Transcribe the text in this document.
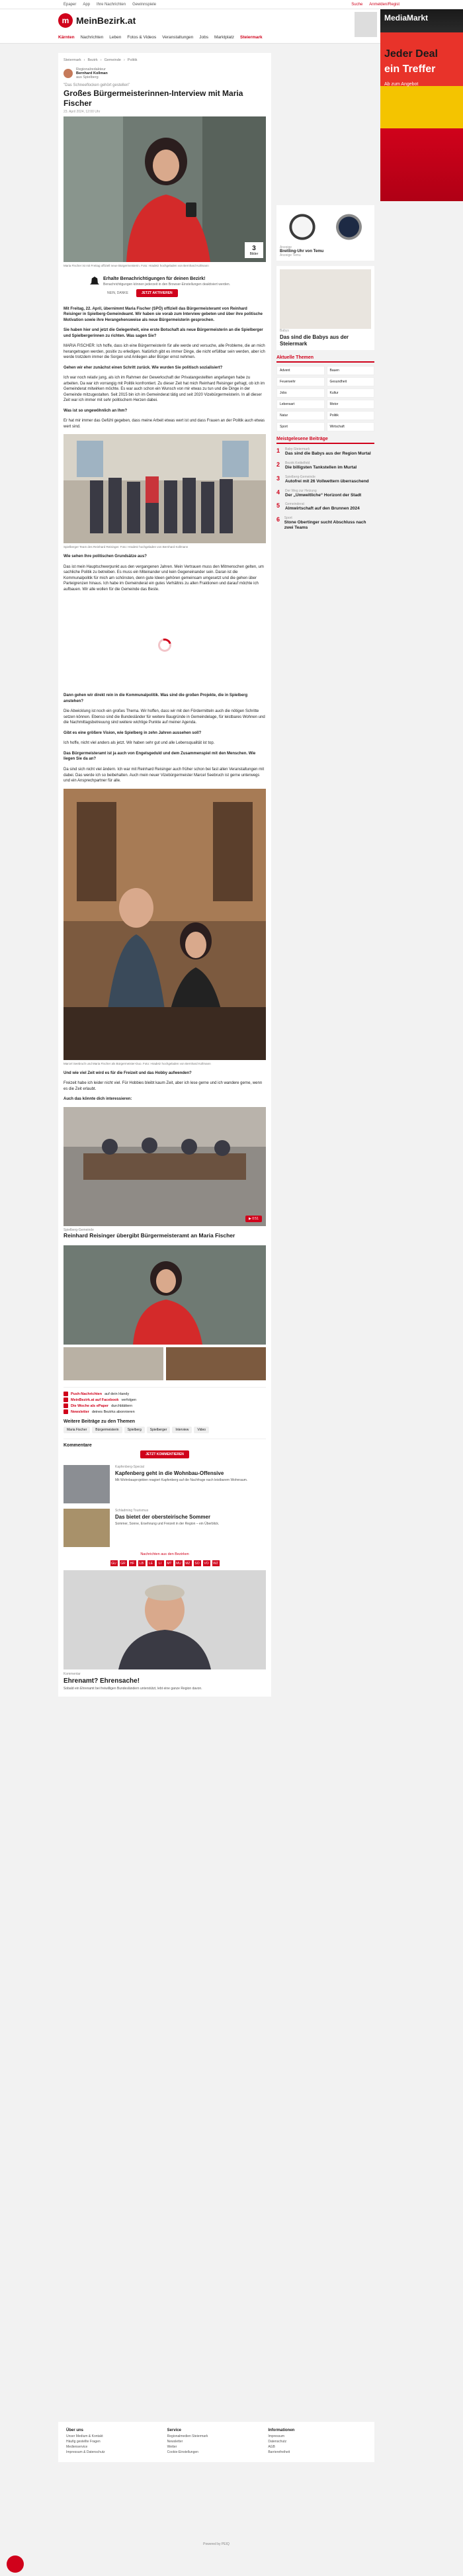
Epaper App Ihre Nachrichten Gewinnspiele	Suche Anmelden/Regist
m MeinBezirk.at
Kärnten Nachrichten Leben Fotos & Videos Veranstaltungen Jobs Marktplatz Steiermark
MediaMarkt
Jeder Deal
ein Treffer
Ab zum Angebot
Steiermark › Bezirk › Gemeinde › Politik
Regionalredakteur
Bernhard Kollman
aus Spielberg
"Das Schneeflocken gehört gestellen"
Großes Bürgermeisterinnen-Interview mit Maria Fischer
23. April 2024, 12:00 Uhr
3
Bilder
Maria Fischer ist mit Freitag offiziell neue Bürgermeisterin. Foto: Hradetz hochgeladen von Bernhard Kollmann
Erhalte Benachrichtigungen für deinen Bezirk!

Benachrichtigungen können jederzeit in den Browser-Einstellungen deaktiviert werden.

NEIN, DANKE	JETZT AKTIVIEREN

Mit Freitag, 22. April, übernimmt Maria Fischer (SPÖ) offiziell das Bürgermeisteramt von Reinhard Reisinger in Spielberg-Gemeindeamt. Wir haben sie vorab zum Interview gebeten und über ihre politische Motivation sowie ihre Herangehensweise als neue Bürgermeisterin gesprochen.

Sie haben hier und jetzt die Gelegenheit, eine erste Botschaft als neue Bürgermeisterin an die Spielberger und Spielbergerinnen zu richten. Was sagen Sie?

MARIA FISCHER: Ich hoffe, dass ich eine Bürgermeisterin für alle werde und versuche, alle Probleme, die an mich herangetragen werden, positiv zu erledigen. Natürlich gibt es immer Dinge, die nicht erfüllbar sein werden, aber ich werde trotzdem immer die Sorgen und Anliegen aller Bürger ernst nehmen.

Gehen wir eher zunächst einen Schritt zurück. Wie wurden Sie politisch sozialisiert?

Ich war noch relativ jung, als ich im Rahmen der Gewerkschaft der Privatangestellten angefangen habe zu arbeiten. Da war ich vorrangig mit Politik konfrontiert. Zu dieser Zeit hat mich Reinhard Reisinger gefragt, ob ich im Gemeinderat mitwirken möchte. Es war auch schon ein Wunsch von mir etwas zu tun und die Dinge in der Gemeinde mitzugestalten. Seit 2015 bin ich im Gemeinderat tätig und seit 2020 Vizebürgermeisterin. In all dieser Zeit war ich immer mit sehr politischem Herzen dabei.

Was ist so ungewöhnlich an Ihm?

Er hat mir immer das Gefühl gegeben, dass meine Arbeit etwas wert ist und dass Frauen an der Politik auch etwas wert sind.

Spielberger Team des Reinhard Reisinger. Foto: Hradetz hochgeladen von Bernhard Kollmann

Wie sehen Ihre politischen Grundsätze aus?

Das ist mein Hauptschwerpunkt aus den vergangenen Jahren. Mein Vertrauen muss den Mitmenschen gelten, um sachliche Politik zu betreiben. Es muss ein Miteinander und kein Gegeneinander sein. Daran ist die Kommunalpolitik für mich am schönsten, denn gute Ideen gehören gemeinsam umgesetzt und die gehen über Parteigrenzen hinaus. Ich habe im Gemeinderat ein gutes Verhältnis zu allen Fraktionen und darauf möchte ich aufbauen. Wir alle wollen für die Gemeinde das Beste.

Dann gehen wir direkt rein in die Kommunalpolitik. Was sind die großen Projekte, die in Spielberg anstehen?

Die Abwicklung ist noch ein großes Thema. Wir hoffen, dass wir mit den Fördermitteln auch die nötigen Schritte setzen können. Ebenso sind die Bundesländer für weitere Baugründe in Gemeindelage, für leistbares Wohnen und die Nachmittagsbetreuung sind weitere wichtige Punkte auf meiner Agenda.

Gibt es eine größere Vision, wie Spielberg in zehn Jahren aussehen soll?

Ich hoffe, nicht viel anders als jetzt. Wir haben sehr gut und alle Lebensqualität ist top.

Das Bürgermeisteramt ist ja auch von Engelsgeduld und dem Zusammenspiel mit den Menschen. Wie liegen Sie da an?

Da sind sich nicht viel ändern. Ich war mit Reinhard Reisinger auch früher schon bei fast allen Veranstaltungen mit dabei. Das werde ich so beibehalten. Auch mein neuer Vizebürgermeister Marcel Seebruch ist gerne unterwegs und ein Ansprechpartner für alle.

Marcel Seebruch und Maria Fischer als Bürgermeister-Duo. Foto: Hradetz hochgeladen von Bernhard Kollmann

Und wie viel Zeit wird es für die Freizeit und das Hobby aufwenden?

Freizeit habe ich leider nicht viel. Für Hobbies bleibt kaum Zeit, aber ich lese gerne und ich wandere gerne, wenn es die Zeit erlaubt.

Auch das könnte dich interessieren:

▶ 0:51
Spielberg-Gemeinde
Reinhard Reisinger übergibt Bürgermeisteramt an Maria Fischer
Push-Nachrichten auf dein Handy
MeinBezirk.at auf Facebook verfolgen
Die Woche als ePaper durchblättern
Newsletter deines Bezirks abonnieren
Weitere Beiträge zu den Themen
Maria Fischer	Bürgermeisterin	Spielberg	Spielberger	Interview	Video
Kommentare
JETZT KOMMENTIEREN
Kapfenberg-Special
Kapfenberg geht in die Wohnbau-Offensive
Mit Wohnbauprojekten reagiert Kapfenberg auf die Nachfrage nach leistbarem Wohnraum.
Schladming Tourismus
Das bietet der obersteirische Sommer
Sommer, Sonne, Ersehnung und Freizeit in der Region – ein Überblick.
Nachrichten aus den Bezirken
GU	GR	HF	LB	LE	LI	MT	MU	MZ	SO	VO	WZ
Kommentar
Ehrenamt? Ehrensache!
Sobald ein Ehrenamt bei freiwilligen Bundesländern unterstützt, lebt eine ganze Region davon.
Anzeige
Breitling-Uhr von Temu
Anzeige Temu
Babys
Das sind die Babys aus der Steiermark
Aktuelle Themen
Advent	Bauen
Feuerwehr	Gesundheit
Jobs	Kultur
Lebensart	Motor
Natur	Politik
Sport	Wirtschaft
Meistgelesene Beiträge
1	Baby-Steiermark
Das sind die Babys aus der Region Murtal
2	Bezirk Knittelfeld
Die billigsten Tankstellen im Murtal
3	Spielberg-Gemeinde
Autofrei mit 26 Vollwettern überraschend
4	Der Weg zur Heizung
Der „Umweltliche“ Horizont der Stadt
5	Gemeinderat
Almwirtschaft auf den Brunnen 2024
6	Sport
Stone Obertinger sucht Abschluss nach zwei Teams
Über uns
Unser Medium & Kontakt
Häufig gestellte Fragen
Medienservice
Impressum & Datenschutz
Service
Regionalmedien Steiermark
Newsletter
Wetter
Cookie-Einstellungen
Informationen
Impressum
Datenschutz
AGB
Barrierefreiheit
Powered by PEIQ
